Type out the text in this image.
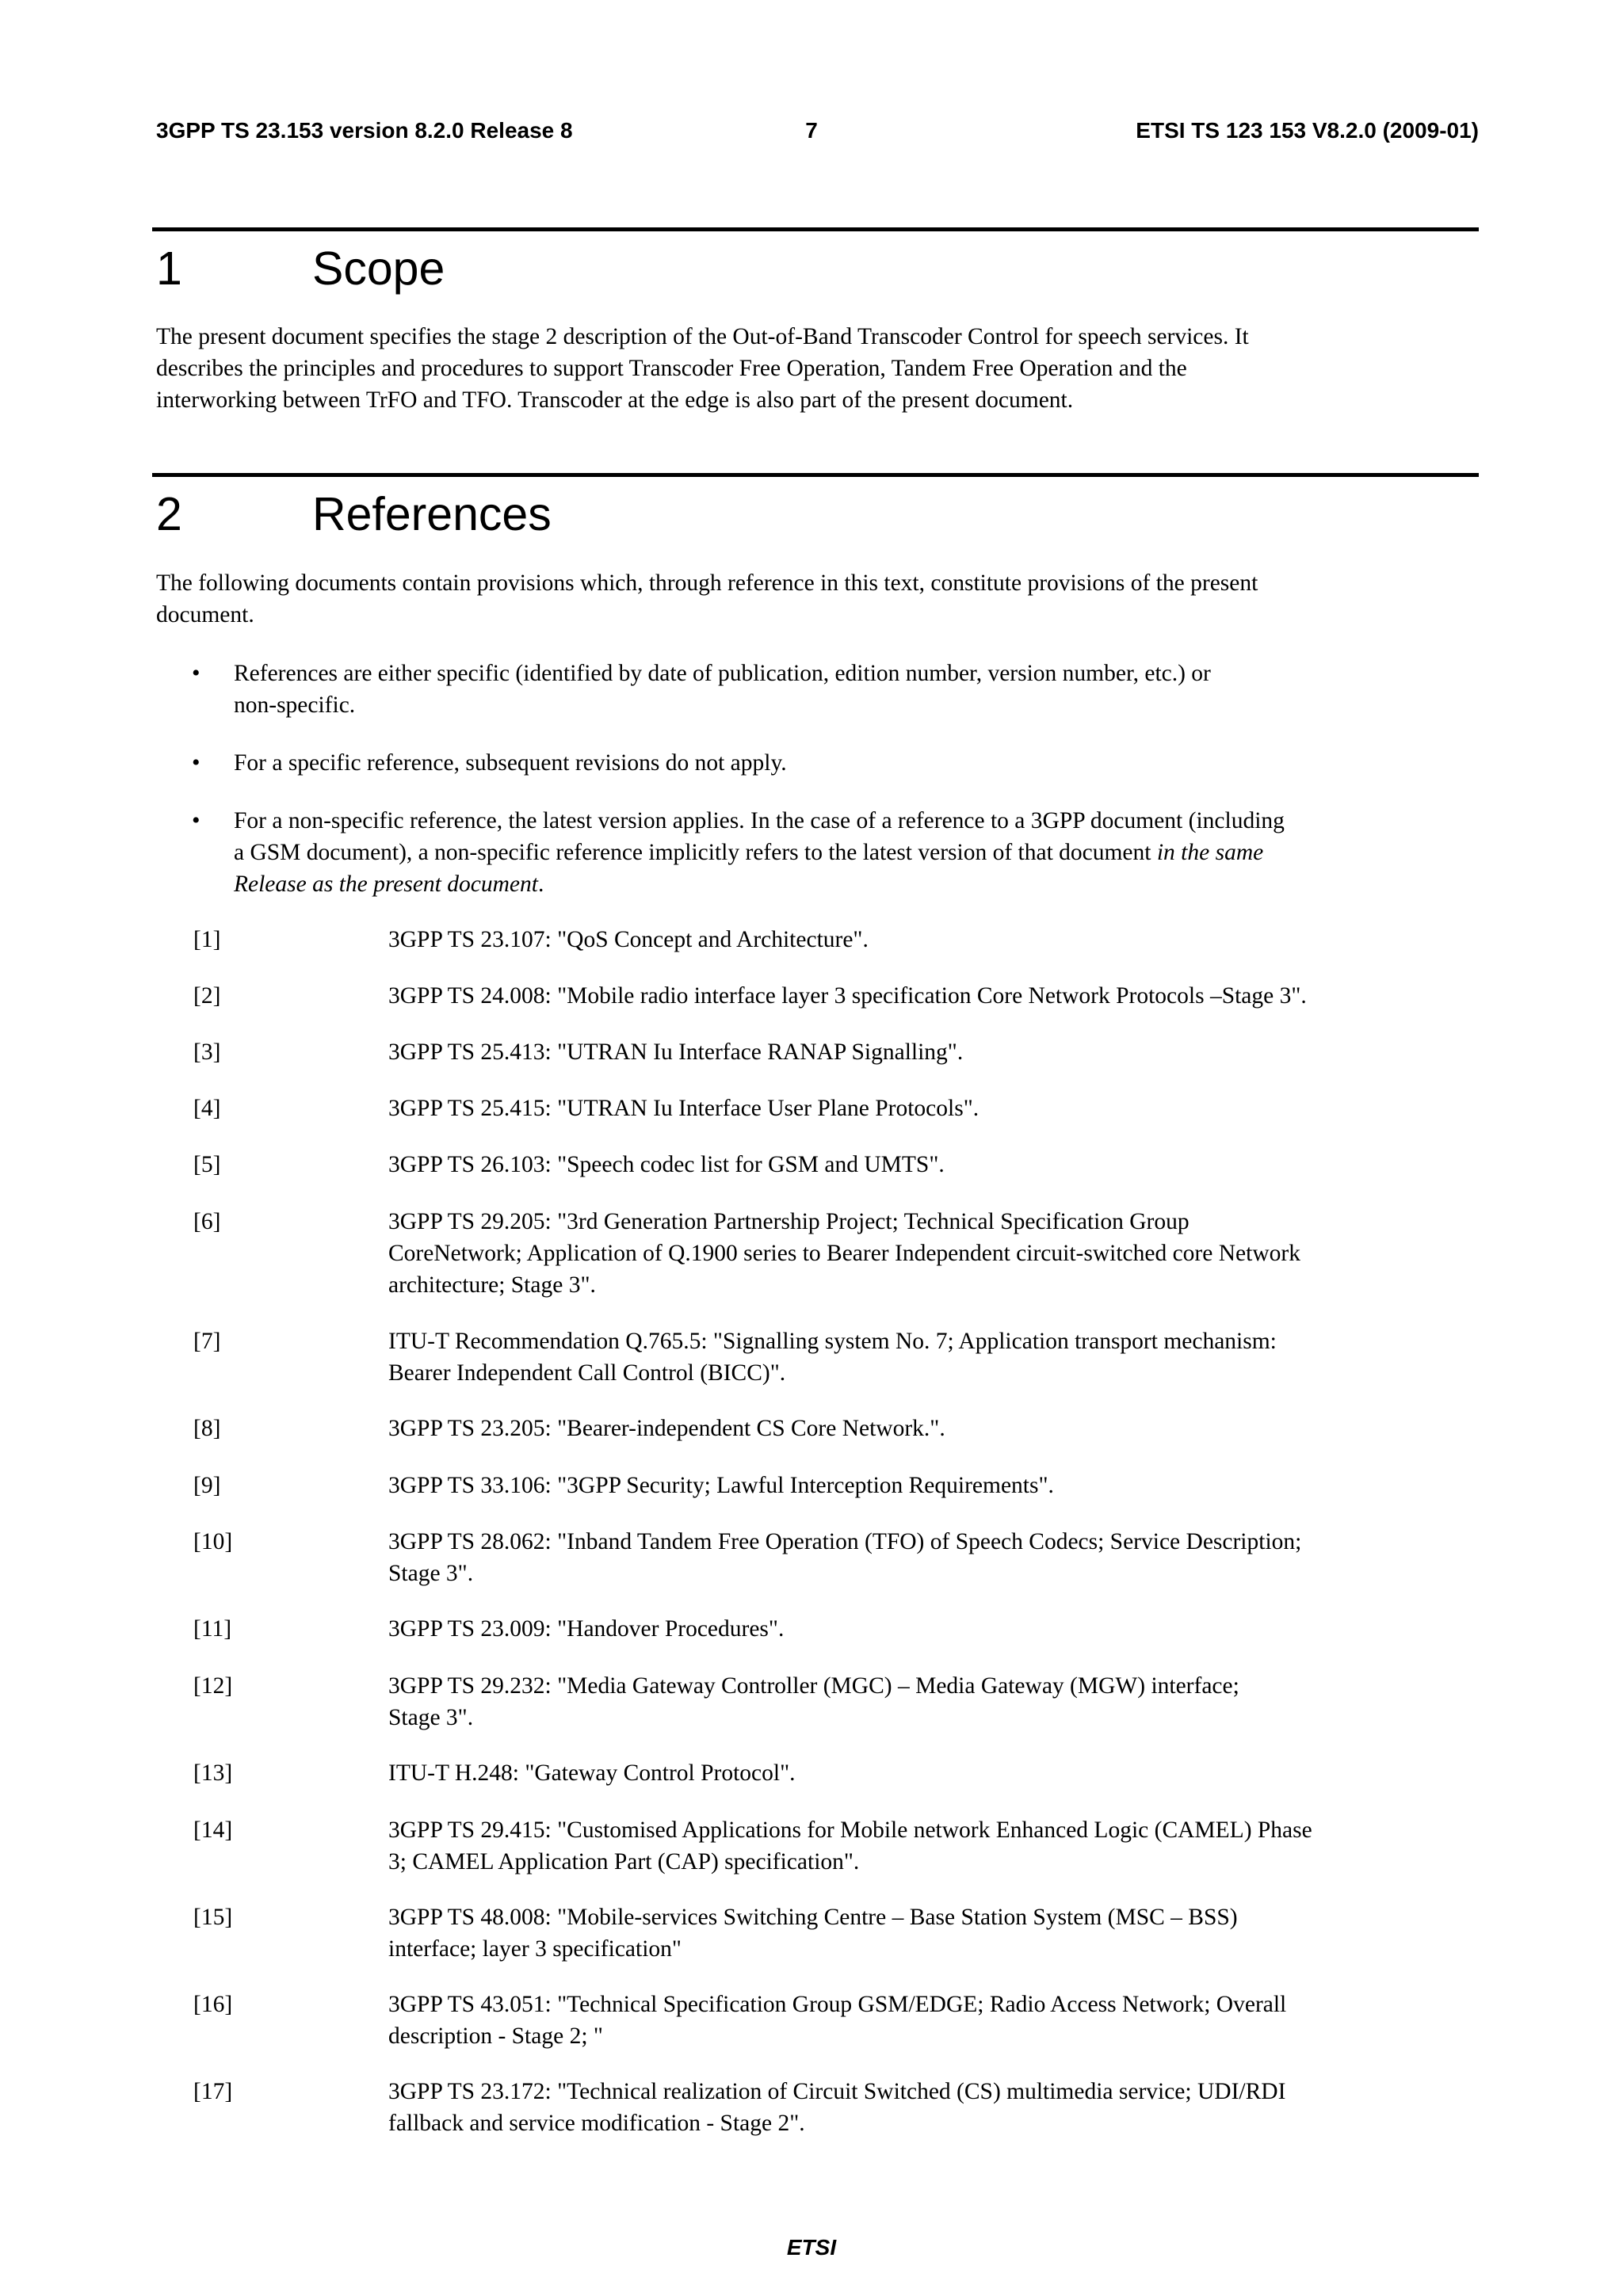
3GPP TS 23.153 version 8.2.0 Release 8	7	ETSI TS 123 153 V8.2.0 (2009-01)
1	Scope
The present document specifies the stage 2 description of the Out-of-Band Transcoder Control for speech services. It
describes the principles and procedures to support Transcoder Free Operation, Tandem Free Operation and the
interworking between TrFO and TFO. Transcoder at the edge is also part of the present document.
2	References
The following documents contain provisions which, through reference in this text, constitute provisions of the present
document.
• References are either specific (identified by date of publication, edition number, version number, etc.) or
non-specific.
• For a specific reference, subsequent revisions do not apply.
• For a non-specific reference, the latest version applies. In the case of a reference to a 3GPP document (including
a GSM document), a non-specific reference implicitly refers to the latest version of that document in the same
Release as the present document.
[1]	3GPP TS 23.107: "QoS Concept and Architecture".
[2]	3GPP TS 24.008: "Mobile radio interface layer 3 specification Core Network Protocols –Stage 3".
[3]	3GPP TS 25.413: "UTRAN Iu Interface RANAP Signalling".
[4]	3GPP TS 25.415: "UTRAN Iu Interface User Plane Protocols".
[5]	3GPP TS 26.103: "Speech codec list for GSM and UMTS".
[6]	3GPP TS 29.205: "3rd Generation Partnership Project; Technical Specification Group
CoreNetwork; Application of Q.1900 series to Bearer Independent circuit-switched core Network
architecture; Stage 3".
[7]	ITU-T Recommendation Q.765.5: "Signalling system No. 7; Application transport mechanism:
Bearer Independent Call Control (BICC)".
[8]	3GPP TS 23.205: "Bearer-independent CS Core Network.".
[9]	3GPP TS 33.106: "3GPP Security; Lawful Interception Requirements".
[10]	3GPP TS 28.062: "Inband Tandem Free Operation (TFO) of Speech Codecs; Service Description;
Stage 3".
[11]	3GPP TS 23.009: "Handover Procedures".
[12]	3GPP TS 29.232: "Media Gateway Controller (MGC) – Media Gateway (MGW) interface;
Stage 3".
[13]	ITU-T H.248: "Gateway Control Protocol".
[14]	3GPP TS 29.415: "Customised Applications for Mobile network Enhanced Logic (CAMEL) Phase
3; CAMEL Application Part (CAP) specification".
[15]	3GPP TS 48.008: "Mobile-services Switching Centre – Base Station System (MSC – BSS)
interface; layer 3 specification"
[16]	3GPP TS 43.051: "Technical Specification Group GSM/EDGE; Radio Access Network; Overall
description - Stage 2; "
[17]	3GPP TS 23.172: "Technical realization of Circuit Switched (CS) multimedia service; UDI/RDI
fallback and service modification - Stage 2".
ETSI
